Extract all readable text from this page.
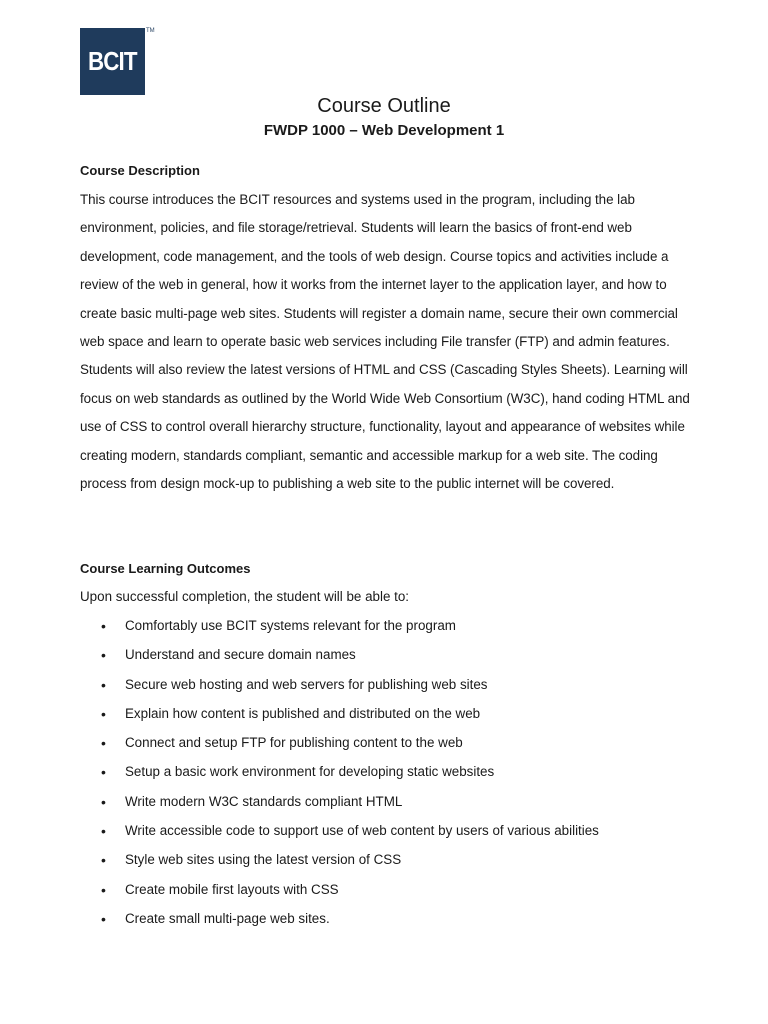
BCIT
TM
Course Outline
FWDP 1000 – Web Development 1
Course Description

This course introduces the BCIT resources and systems used in the program, including the lab environment, policies, and file storage/retrieval. Students will learn the basics of front-end web development, code management, and the tools of web design. Course topics and activities include a review of the web in general, how it works from the internet layer to the application layer, and how to create basic multi-page web sites. Students will register a domain name, secure their own commercial web space and learn to operate basic web services including File transfer (FTP) and admin features. Students will also review the latest versions of HTML and CSS (Cascading Styles Sheets). Learning will focus on web standards as outlined by the World Wide Web Consortium (W3C), hand coding HTML and use of CSS to control overall hierarchy structure, functionality, layout and appearance of websites while creating modern, standards compliant, semantic and accessible markup for a web site. The coding process from design mock-up to publishing a web site to the public internet will be covered.

Course Learning Outcomes

Upon successful completion, the student will be able to:

• Comfortably use BCIT systems relevant for the program
• Understand and secure domain names
• Secure web hosting and web servers for publishing web sites
• Explain how content is published and distributed on the web
• Connect and setup FTP for publishing content to the web
• Setup a basic work environment for developing static websites
• Write modern W3C standards compliant HTML
• Write accessible code to support use of web content by users of various abilities
• Style web sites using the latest version of CSS
• Create mobile first layouts with CSS
• Create small multi-page web sites.
